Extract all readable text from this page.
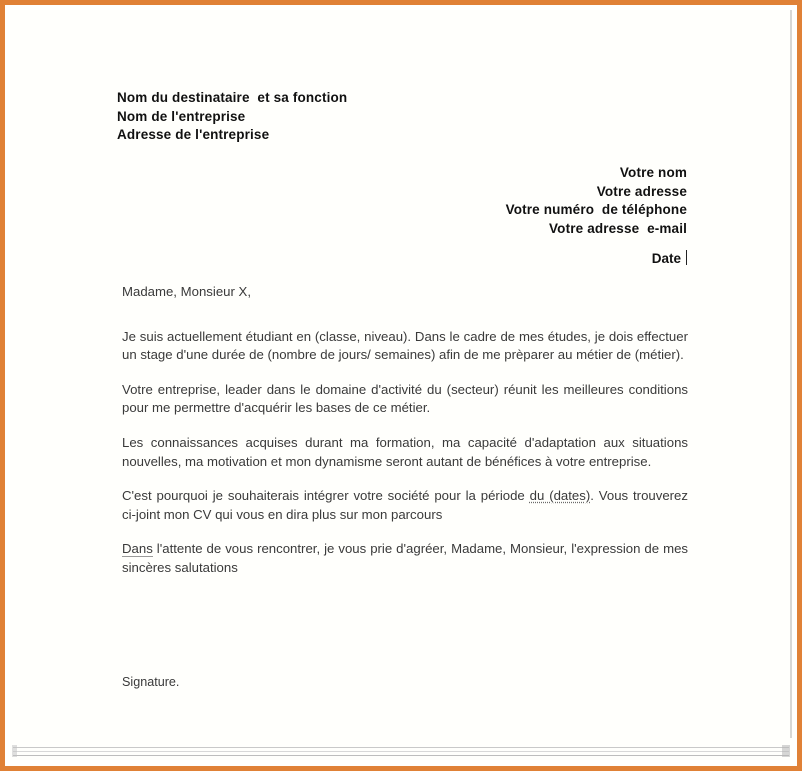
Nom du destinataire  et sa fonction
Nom de l'entreprise
Adresse de l'entreprise
Votre nom
Votre adresse
Votre numéro  de téléphone
Votre adresse  e-mail
Date

Madame, Monsieur X,

Je suis actuellement étudiant en (classe, niveau). Dans le cadre de mes études, je dois effectuer un stage d'une durée de (nombre de jours/ semaines) afin de me prèparer au métier de (métier).

Votre entreprise, leader dans le domaine d'activité du (secteur) réunit les meilleures conditions pour me permettre d'acquérir les bases de ce métier.

Les connaissances acquises durant ma formation, ma capacité d'adaptation aux situations nouvelles, ma motivation et mon dynamisme seront autant de bénéfices à votre entreprise.

C'est pourquoi je souhaiterais intégrer votre société pour la période du (dates). Vous trouverez ci-joint mon CV qui vous en dira plus sur mon parcours

Dans l'attente de vous rencontrer, je vous prie d'agréer, Madame, Monsieur, l'expression de mes sincères salutations

Signature.
